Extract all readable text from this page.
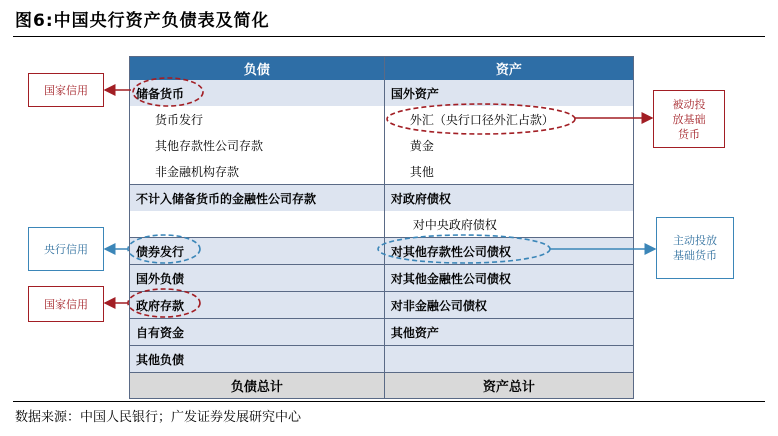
图6:中国央行资产负债表及简化
负债	资产
储备货币	国外资产
货币发行	外汇（央行口径外汇占款）
其他存款性公司存款	黄金
非金融机构存款	其他
不计入储备货币的金融性公司存款	对政府债权
	对中央政府债权
债券发行	对其他存款性公司债权
国外负债	对其他金融性公司债权
政府存款	对非金融公司债权
自有资金	其他资产
其他负债	
负债总计	资产总计
国家信用
央行信用
国家信用
被动投放基础货币
主动投放基础货币
数据来源：中国人民银行；广发证券发展研究中心
